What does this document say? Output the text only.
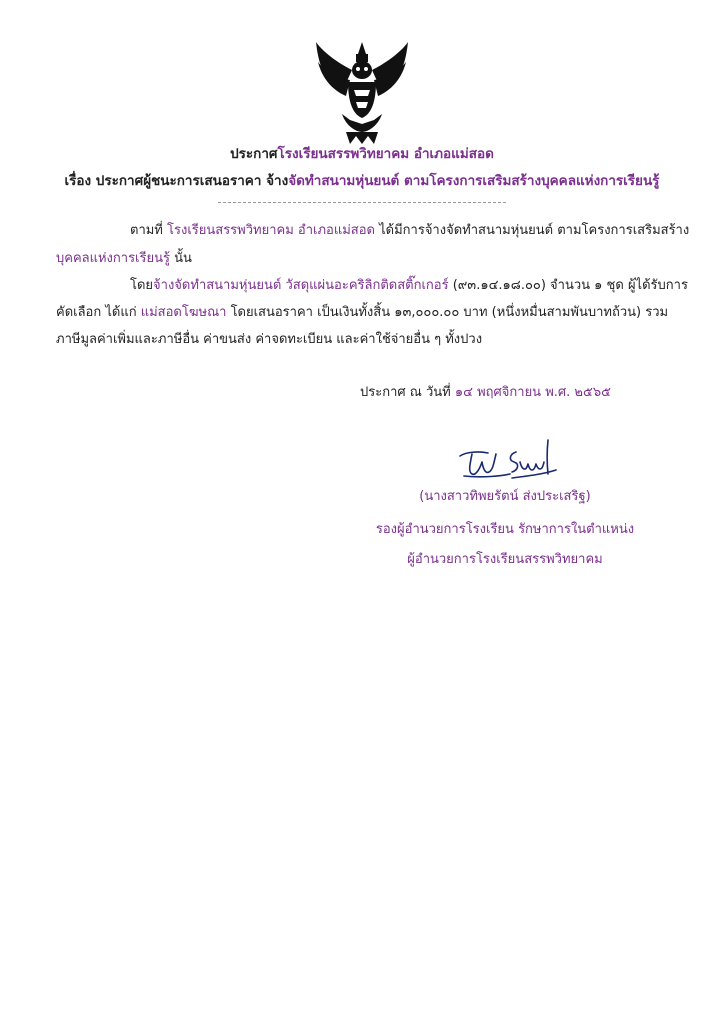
ประกาศโรงเรียนสรรพวิทยาคม อำเภอแม่สอด
เรื่อง ประกาศผู้ชนะการเสนอราคา จ้างจัดทำสนามหุ่นยนต์ ตามโครงการเสริมสร้างบุคคลแห่งการเรียนรู้
ตามที่ โรงเรียนสรรพวิทยาคม อำเภอแม่สอด ได้มีการจ้างจัดทำสนามหุ่นยนต์ ตามโครงการเสริมสร้าง
บุคคลแห่งการเรียนรู้ นั้น
โดยจ้างจัดทำสนามหุ่นยนต์ วัสดุแผ่นอะคริลิกติดสติ๊กเกอร์ (๙๓.๑๔.๑๘.๐๐) จำนวน ๑ ชุด ผู้ได้รับการ
คัดเลือก ได้แก่ แม่สอดโฆษณา โดยเสนอราคา เป็นเงินทั้งสิ้น ๑๓,๐๐๐.๐๐ บาท (หนึ่งหมื่นสามพันบาทถ้วน) รวม
ภาษีมูลค่าเพิ่มและภาษีอื่น ค่าขนส่ง ค่าจดทะเบียน และค่าใช้จ่ายอื่น ๆ ทั้งปวง
ประกาศ ณ วันที่ ๑๔ พฤศจิกายน พ.ศ. ๒๕๖๕
(นางสาวทิพยรัตน์ ส่งประเสริฐ)
รองผู้อำนวยการโรงเรียน รักษาการในตำแหน่ง
ผู้อำนวยการโรงเรียนสรรพวิทยาคม
